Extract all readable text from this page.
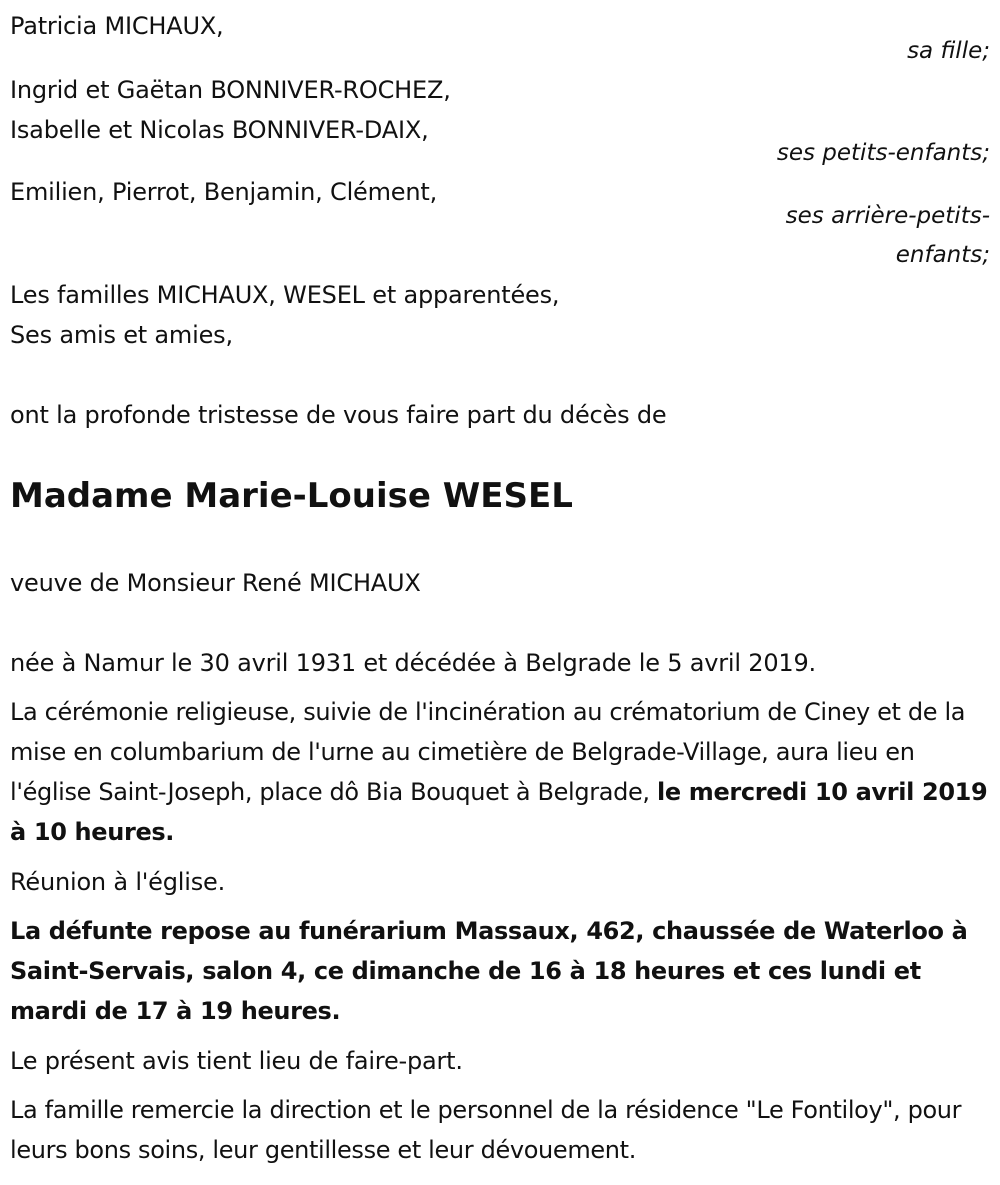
Patricia MICHAUX,
sa fille;
Ingrid et Gaëtan BONNIVER-ROCHEZ,
Isabelle et Nicolas BONNIVER-DAIX,
ses petits-enfants;
Emilien, Pierrot, Benjamin, Clément,
ses arrière-petits-
enfants;
Les familles MICHAUX, WESEL et apparentées,
Ses amis et amies,
ont la profonde tristesse de vous faire part du décès de
Madame Marie-Louise WESEL
veuve de Monsieur René MICHAUX
née à Namur le 30 avril 1931 et décédée à Belgrade le 5 avril 2019.
La cérémonie religieuse, suivie de l'incinération au crématorium de Ciney et de la mise en columbarium de l'urne au cimetière de Belgrade-Village, aura lieu en l'église Saint-Joseph, place dô Bia Bouquet à Belgrade, le mercredi 10 avril 2019 à 10 heures.
Réunion à l'église.
La défunte repose au funérarium Massaux, 462, chaussée de Waterloo à Saint-Servais, salon 4, ce dimanche de 16 à 18 heures et ces lundi et mardi de 17 à 19 heures.
Le présent avis tient lieu de faire-part.
La famille remercie la direction et le personnel de la résidence "Le Fontiloy", pour leurs bons soins, leur gentillesse et leur dévouement.
